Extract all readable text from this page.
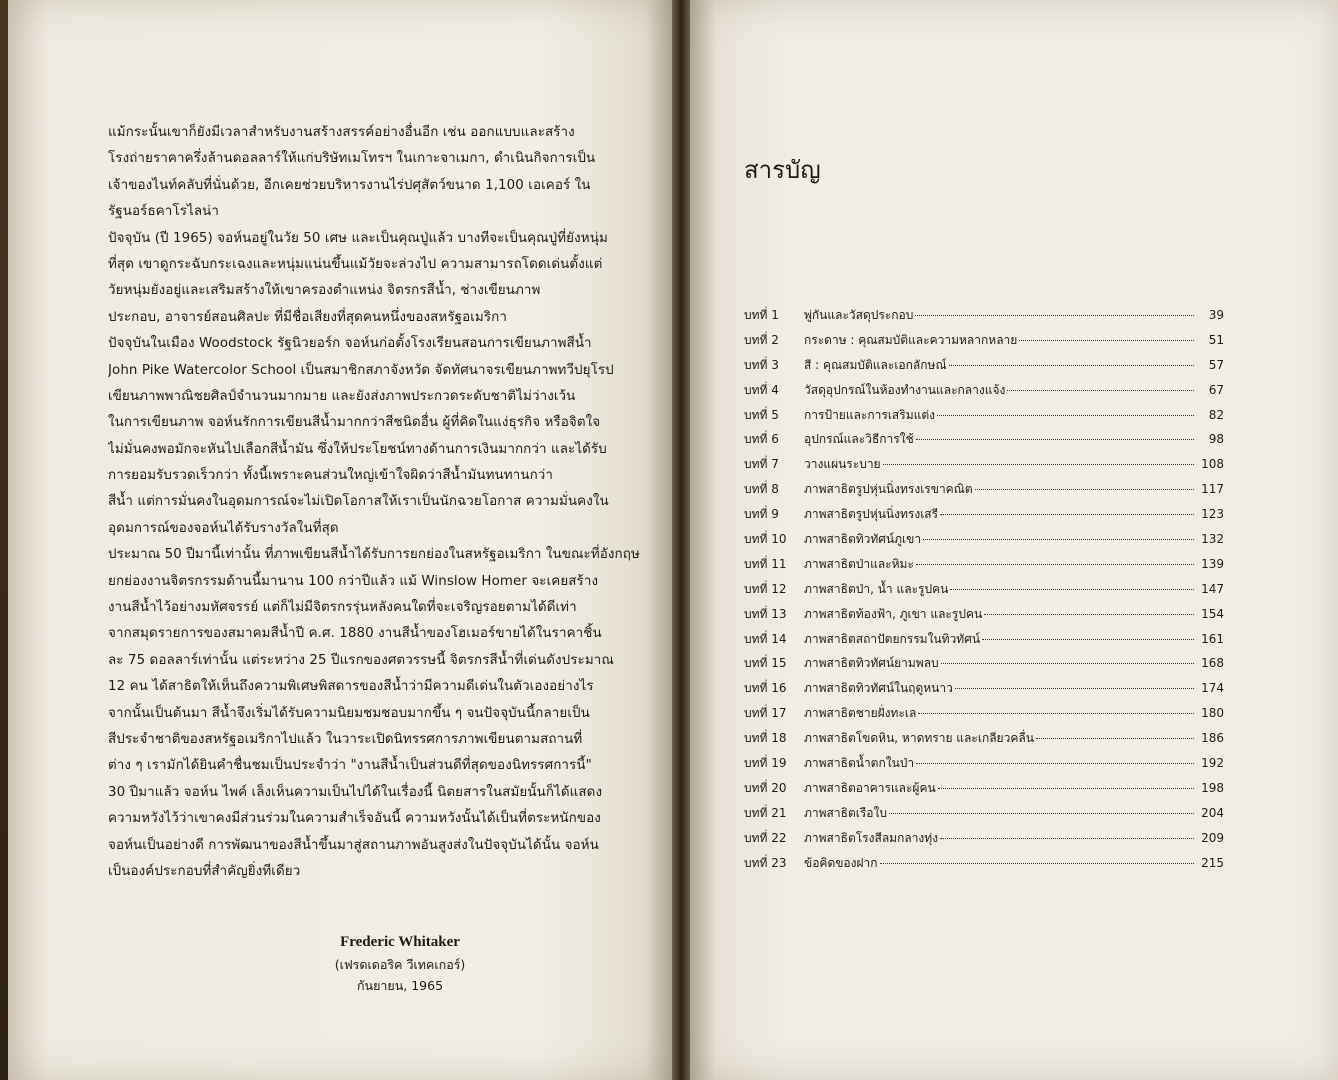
แม้กระนั้นเขาก็ยังมีเวลาสำหรับงานสร้างสรรค์อย่างอื่นอีก เช่น ออกแบบและสร้าง
โรงถ่ายราคาครึ่งล้านดอลลาร์ให้แก่บริษัทเมโทรฯ ในเกาะจาเมกา, ดำเนินกิจการเป็น
เจ้าของไนท์คลับที่นั่นด้วย, อีกเคยช่วยบริหารงานไร่ปศุสัตว์ขนาด 1,100 เอเคอร์ ใน
รัฐนอร์ธคาโรไลน่า
ปัจจุบัน (ปี 1965) จอห์นอยู่ในวัย 50 เศษ และเป็นคุณปู่แล้ว บางทีจะเป็นคุณปู่ที่ยังหนุ่ม
ที่สุด เขาดูกระฉับกระเฉงและหนุ่มแน่นขึ้นแม้วัยจะล่วงไป ความสามารถโดดเด่นตั้งแต่
วัยหนุ่มยังอยู่และเสริมสร้างให้เขาครองตำแหน่ง จิตรกรสีน้ำ, ช่างเขียนภาพ
ประกอบ, อาจารย์สอนศิลปะ ที่มีชื่อเสียงที่สุดคนหนึ่งของสหรัฐอเมริกา
ปัจจุบันในเมือง Woodstock รัฐนิวยอร์ก จอห์นก่อตั้งโรงเรียนสอนการเขียนภาพสีน้ำ
John Pike Watercolor School เป็นสมาชิกสภาจังหวัด จัดทัศนาจรเขียนภาพทวีปยุโรป
เขียนภาพพาณิชยศิลป์จำนวนมากมาย และยังส่งภาพประกวดระดับชาติไม่ว่างเว้น
ในการเขียนภาพ จอห์นรักการเขียนสีน้ำมากกว่าสีชนิดอื่น ผู้ที่คิดในแง่ธุรกิจ หรือจิตใจ
ไม่มั่นคงพอมักจะหันไปเลือกสีน้ำมัน ซึ่งให้ประโยชน์ทางด้านการเงินมากกว่า และได้รับ
การยอมรับรวดเร็วกว่า ทั้งนี้เพราะคนส่วนใหญ่เข้าใจผิดว่าสีน้ำมันทนทานกว่า
สีน้ำ แต่การมั่นคงในอุดมการณ์จะไม่เปิดโอกาสให้เราเป็นนักฉวยโอกาส ความมั่นคงใน
อุดมการณ์ของจอห์นได้รับรางวัลในที่สุด
ประมาณ 50 ปีมานี้เท่านั้น ที่ภาพเขียนสีน้ำได้รับการยกย่องในสหรัฐอเมริกา ในขณะที่อังกฤษ
ยกย่องงานจิตรกรรมด้านนี้มานาน 100 กว่าปีแล้ว แม้ Winslow Homer จะเคยสร้าง
งานสีน้ำไว้อย่างมหัศจรรย์ แต่ก็ไม่มีจิตรกรรุ่นหลังคนใดที่จะเจริญรอยตามได้ดีเท่า
จากสมุดรายการของสมาคมสีน้ำปี ค.ศ. 1880 งานสีน้ำของโฮเมอร์ขายได้ในราคาชิ้น
ละ 75 ดอลลาร์เท่านั้น แต่ระหว่าง 25 ปีแรกของศตวรรษนี้ จิตรกรสีน้ำที่เด่นดังประมาณ
12 คน ได้สาธิตให้เห็นถึงความพิเศษพิสดารของสีน้ำว่ามีความดีเด่นในตัวเองอย่างไร
จากนั้นเป็นต้นมา สีน้ำจึงเริ่มได้รับความนิยมชมชอบมากขึ้น ๆ จนปัจจุบันนี้กลายเป็น
สีประจำชาติของสหรัฐอเมริกาไปแล้ว ในวาระเปิดนิทรรศการภาพเขียนตามสถานที่
ต่าง ๆ เรามักได้ยินคำชื่นชมเป็นประจำว่า "งานสีน้ำเป็นส่วนดีที่สุดของนิทรรศการนี้"
30 ปีมาแล้ว จอห์น ไพค์ เล็งเห็นความเป็นไปได้ในเรื่องนี้ นิตยสารในสมัยนั้นก็ได้แสดง
ความหวังไว้ว่าเขาคงมีส่วนร่วมในความสำเร็จอันนี้ ความหวังนั้นได้เป็นที่ตระหนักของ
จอห์นเป็นอย่างดี การพัฒนาของสีน้ำขึ้นมาสู่สถานภาพอันสูงส่งในปัจจุบันได้นั้น จอห์น
เป็นองค์ประกอบที่สำคัญยิ่งทีเดียว
Frederic Whitaker
(เฟรดเดอริค วีเทคเกอร์)
กันยายน, 1965
สารบัญ
บทที่ 1	พู่กันและวัสดุประกอบ	39
บทที่ 2	กระดาษ : คุณสมบัติและความหลากหลาย	51
บทที่ 3	สี : คุณสมบัติและเอกลักษณ์	57
บทที่ 4	วัสดุอุปกรณ์ในห้องทำงานและกลางแจ้ง	67
บทที่ 5	การป้ายและการเสริมแต่ง	82
บทที่ 6	อุปกรณ์และวิธีการใช้	98
บทที่ 7	วางแผนระบาย	108
บทที่ 8	ภาพสาธิตรูปหุ่นนิ่งทรงเรขาคณิต	117
บทที่ 9	ภาพสาธิตรูปหุ่นนิ่งทรงเสรี	123
บทที่ 10	ภาพสาธิตทิวทัศน์ภูเขา	132
บทที่ 11	ภาพสาธิตป่าและหิมะ	139
บทที่ 12	ภาพสาธิตป่า, น้ำ และรูปคน	147
บทที่ 13	ภาพสาธิตท้องฟ้า, ภูเขา และรูปคน	154
บทที่ 14	ภาพสาธิตสถาปัตยกรรมในทิวทัศน์	161
บทที่ 15	ภาพสาธิตทิวทัศน์ยามพลบ	168
บทที่ 16	ภาพสาธิตทิวทัศน์ในฤดูหนาว	174
บทที่ 17	ภาพสาธิตชายฝั่งทะเล	180
บทที่ 18	ภาพสาธิตโขดหิน, หาดทราย และเกลียวคลื่น	186
บทที่ 19	ภาพสาธิตน้ำตกในป่า	192
บทที่ 20	ภาพสาธิตอาคารและผู้คน	198
บทที่ 21	ภาพสาธิตเรือใบ	204
บทที่ 22	ภาพสาธิตโรงสีลมกลางทุ่ง	209
บทที่ 23	ข้อคิดของฝาก	215
